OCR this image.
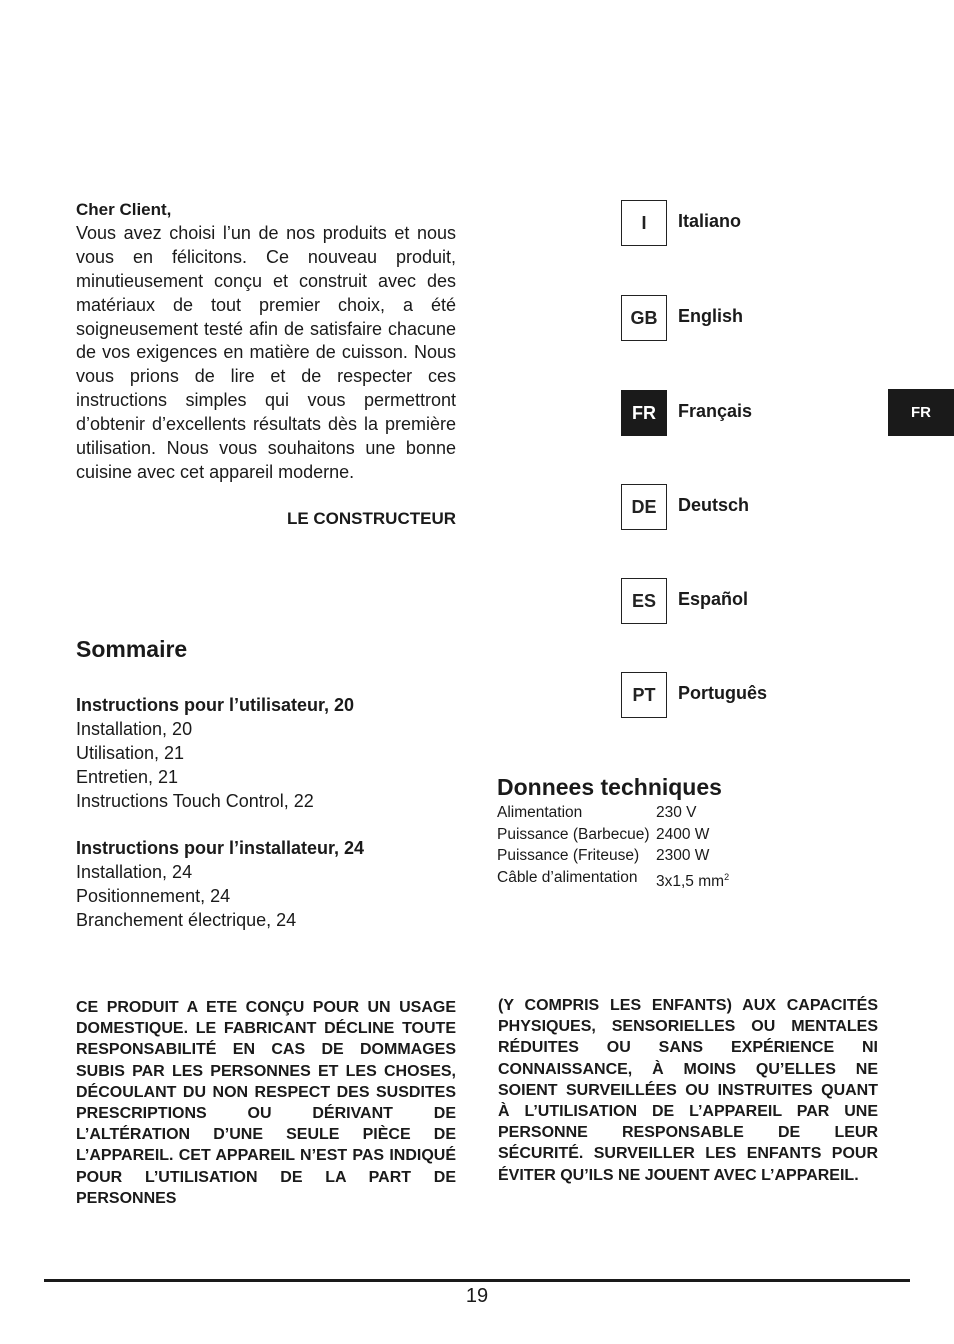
Cher Client,
Vous avez choisi l’un de nos produits et nous vous en félicitons. Ce nouveau produit, minutieusement conçu et construit avec des matériaux de tout premier choix, a été soigneusement testé afin de satisfaire chacune de vos exigences en matière de cuisson. Nous vous prions de lire et de respecter ces instructions simples qui vous permettront d’obtenir d’excellents résultats dès la première utilisation. Nous vous souhaitons une bonne cuisine avec cet appareil moderne.
LE CONSTRUCTEUR
Sommaire
Instructions pour l’utilisateur, 20
Installation, 20
Utilisation, 21
Entretien, 21
Instructions Touch Control, 22
Instructions pour l’installateur, 24
Installation, 24
Positionnement, 24
Branchement électrique, 24
I	Italiano
GB	English
FR	Français
DE	Deutsch
ES	Español
PT	Português
FR
Donnees techniques
Alimentation	230 V
Puissance (Barbecue) 2400 W
Puissance (Friteuse)	2300 W
Câble d’alimentation	3x1,5 $mm^2$
CE PRODUIT A ETE CONÇU POUR UN USAGE DOMESTIQUE. LE FABRICANT DÉCLINE TOUTE RESPONSABILITÉ EN CAS DE DOMMAGES SUBIS PAR LES PERSONNES ET LES CHOSES, DÉCOULANT DU NON RESPECT DES SUSDITES PRESCRIPTIONS OU DÉRIVANT DE L’ALTÉRATION D’UNE SEULE PIÈCE DE L’APPAREIL. CET APPAREIL N’EST PAS INDIQUÉ POUR L’UTILISATION DE LA PART DE PERSONNES
(Y COMPRIS LES ENFANTS) AUX CAPACITÉS PHYSIQUES, SENSORIELLES OU MENTALES RÉDUITES OU SANS EXPÉRIENCE NI CONNAISSANCE, À MOINS QU’ELLES NE SOIENT SURVEILLÉES OU INSTRUITES QUANT À L’UTILISATION DE L’APPAREIL PAR UNE PERSONNE RESPONSABLE DE LEUR SÉCURITÉ. SURVEILLER LES ENFANTS POUR ÉVITER QU’ILS NE JOUENT AVEC L’APPAREIL.
19
